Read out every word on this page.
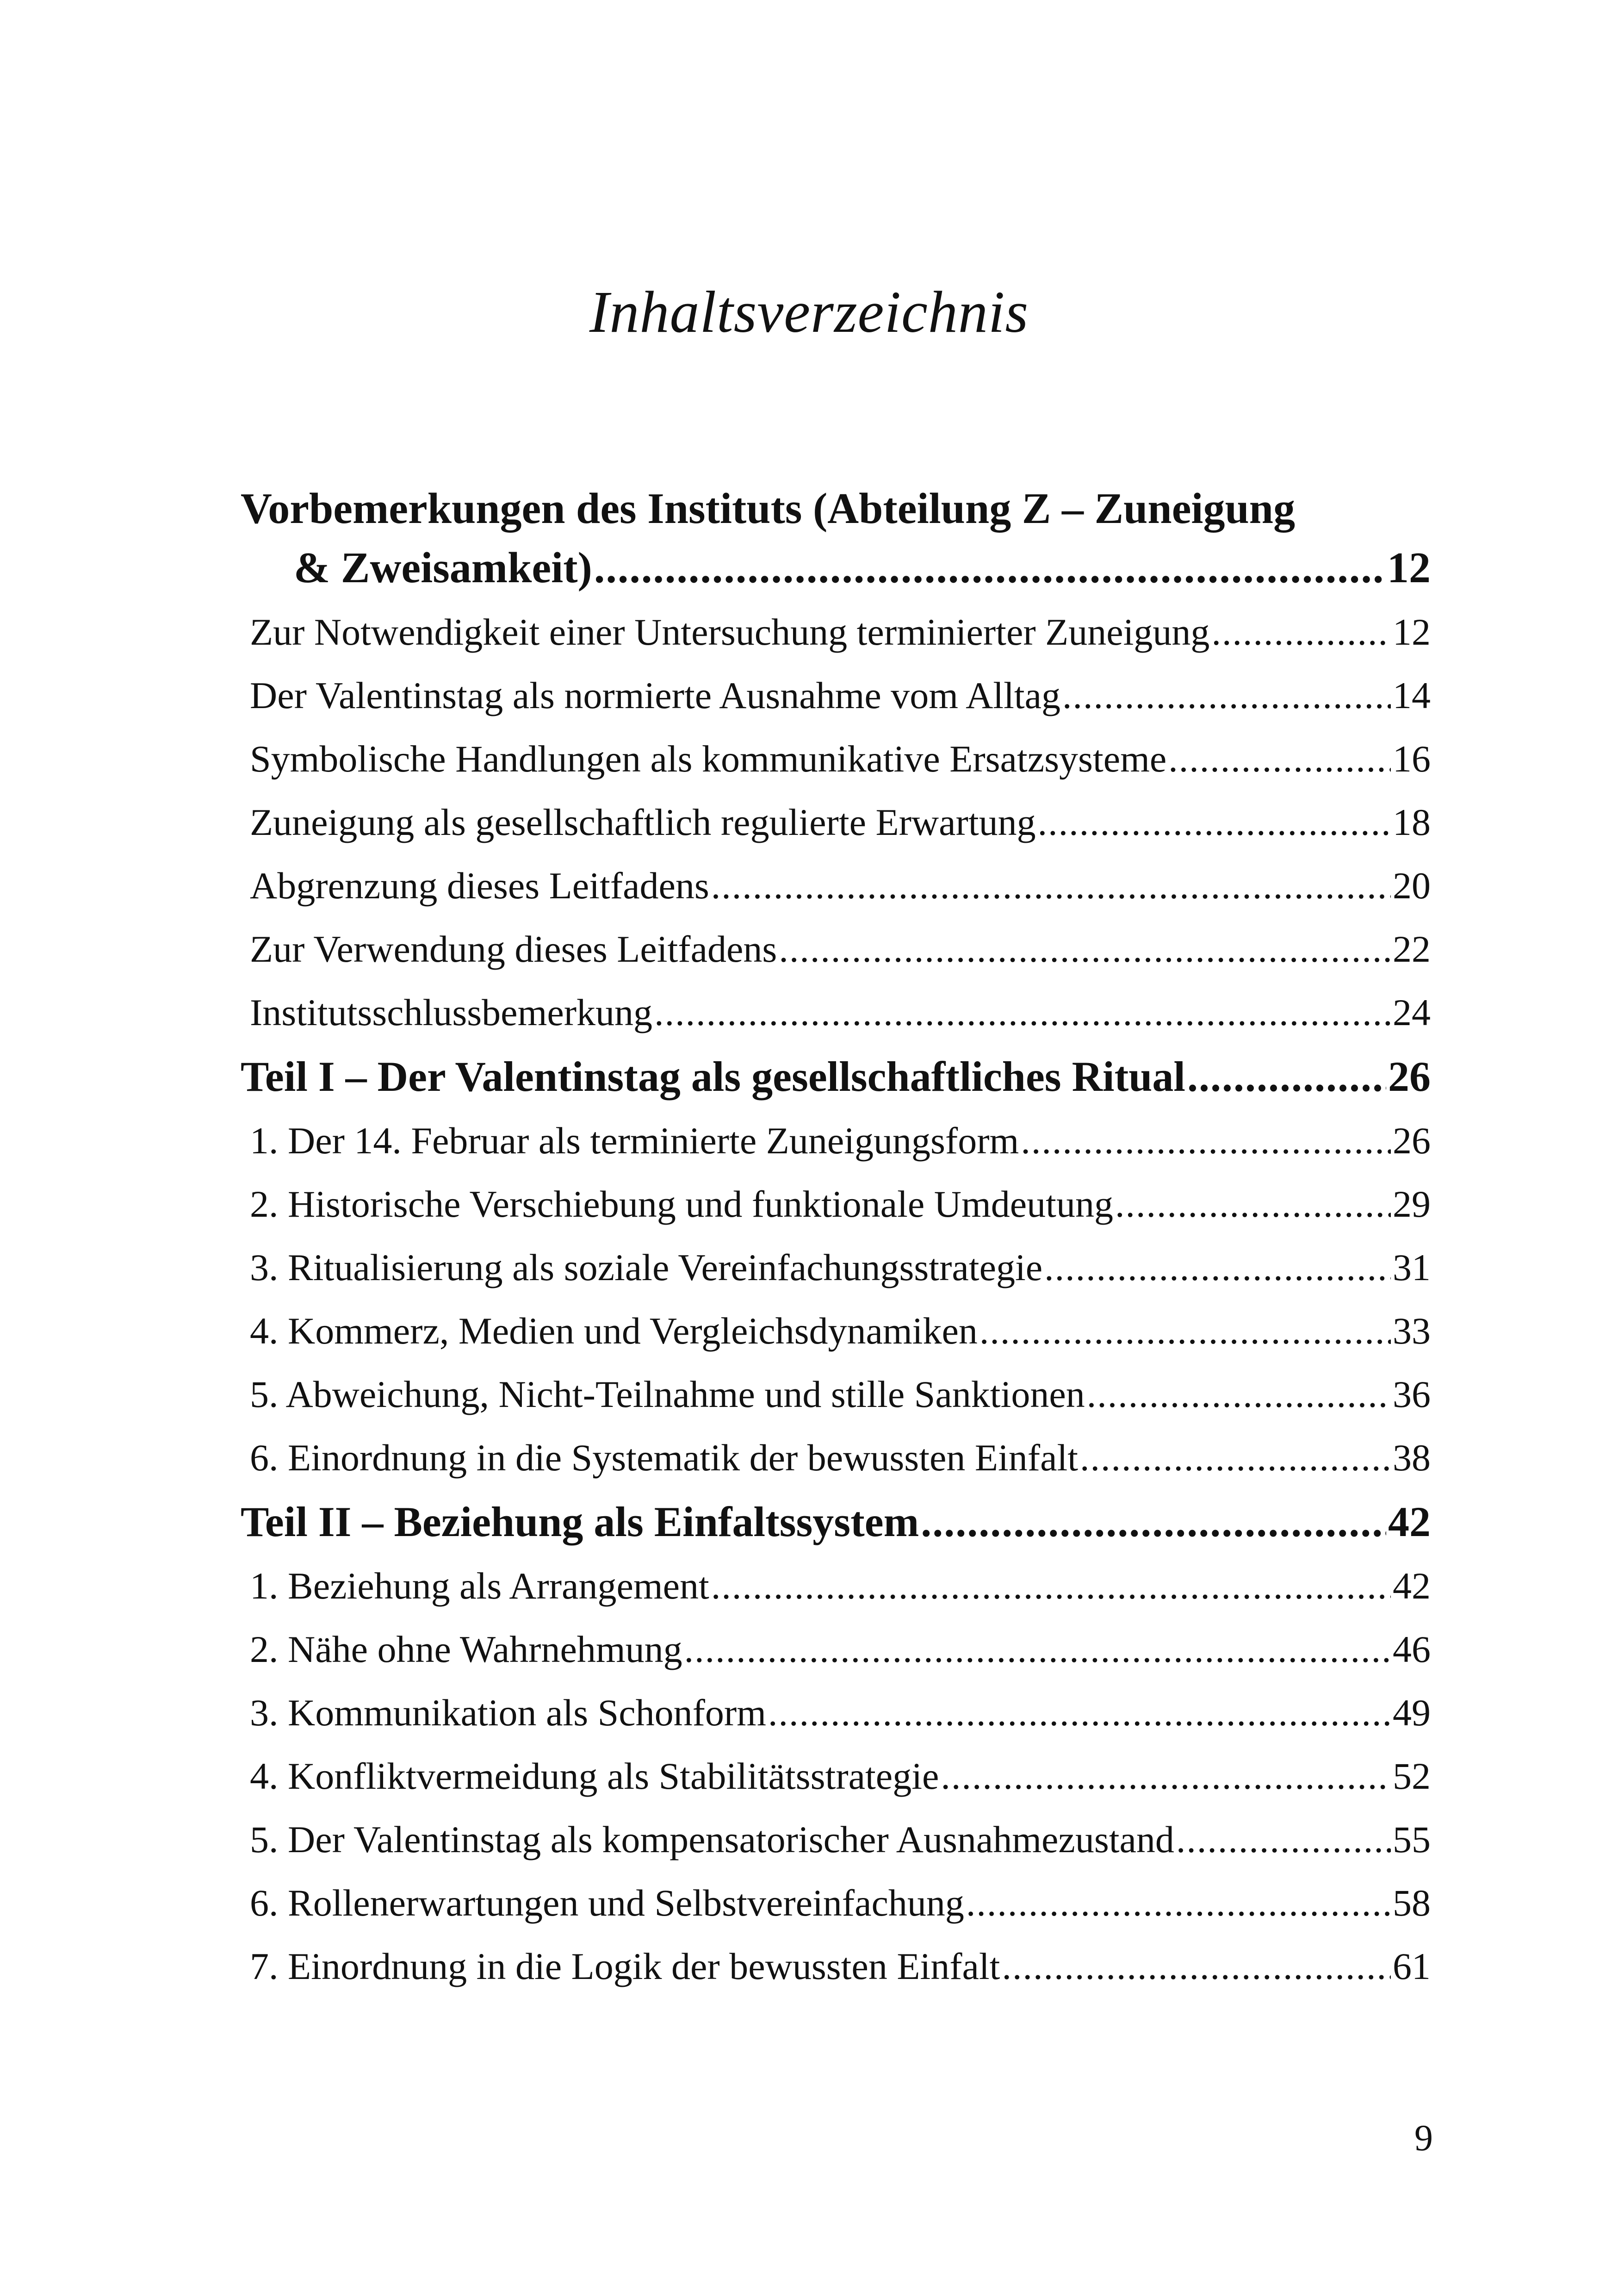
Inhaltsverzeichnis
Vorbemerkungen des Instituts (Abteilung Z – Zuneigung
& Zweisamkeit) .....	12
Zur Notwendigkeit einer Untersuchung terminierter Zuneigung .....	12
Der Valentinstag als normierte Ausnahme vom Alltag .....	14
Symbolische Handlungen als kommunikative Ersatzsysteme .....	16
Zuneigung als gesellschaftlich regulierte Erwartung .....	18
Abgrenzung dieses Leitfadens .....	20
Zur Verwendung dieses Leitfadens .....	22
Institutsschlussbemerkung .....	24
Teil I – Der Valentinstag als gesellschaftliches Ritual .....	26
1. Der 14. Februar als terminierte Zuneigungsform .....	26
2. Historische Verschiebung und funktionale Umdeutung .....	29
3. Ritualisierung als soziale Vereinfachungsstrategie .....	31
4. Kommerz, Medien und Vergleichsdynamiken .....	33
5. Abweichung, Nicht-Teilnahme und stille Sanktionen .....	36
6. Einordnung in die Systematik der bewussten Einfalt .....	38
Teil II – Beziehung als Einfaltssystem .....	42
1. Beziehung als Arrangement .....	42
2. Nähe ohne Wahrnehmung .....	46
3. Kommunikation als Schonform .....	49
4. Konfliktvermeidung als Stabilitätsstrategie .....	52
5. Der Valentinstag als kompensatorischer Ausnahmezustand .....	55
6. Rollenerwartungen und Selbstvereinfachung .....	58
7. Einordnung in die Logik der bewussten Einfalt .....	61
9
